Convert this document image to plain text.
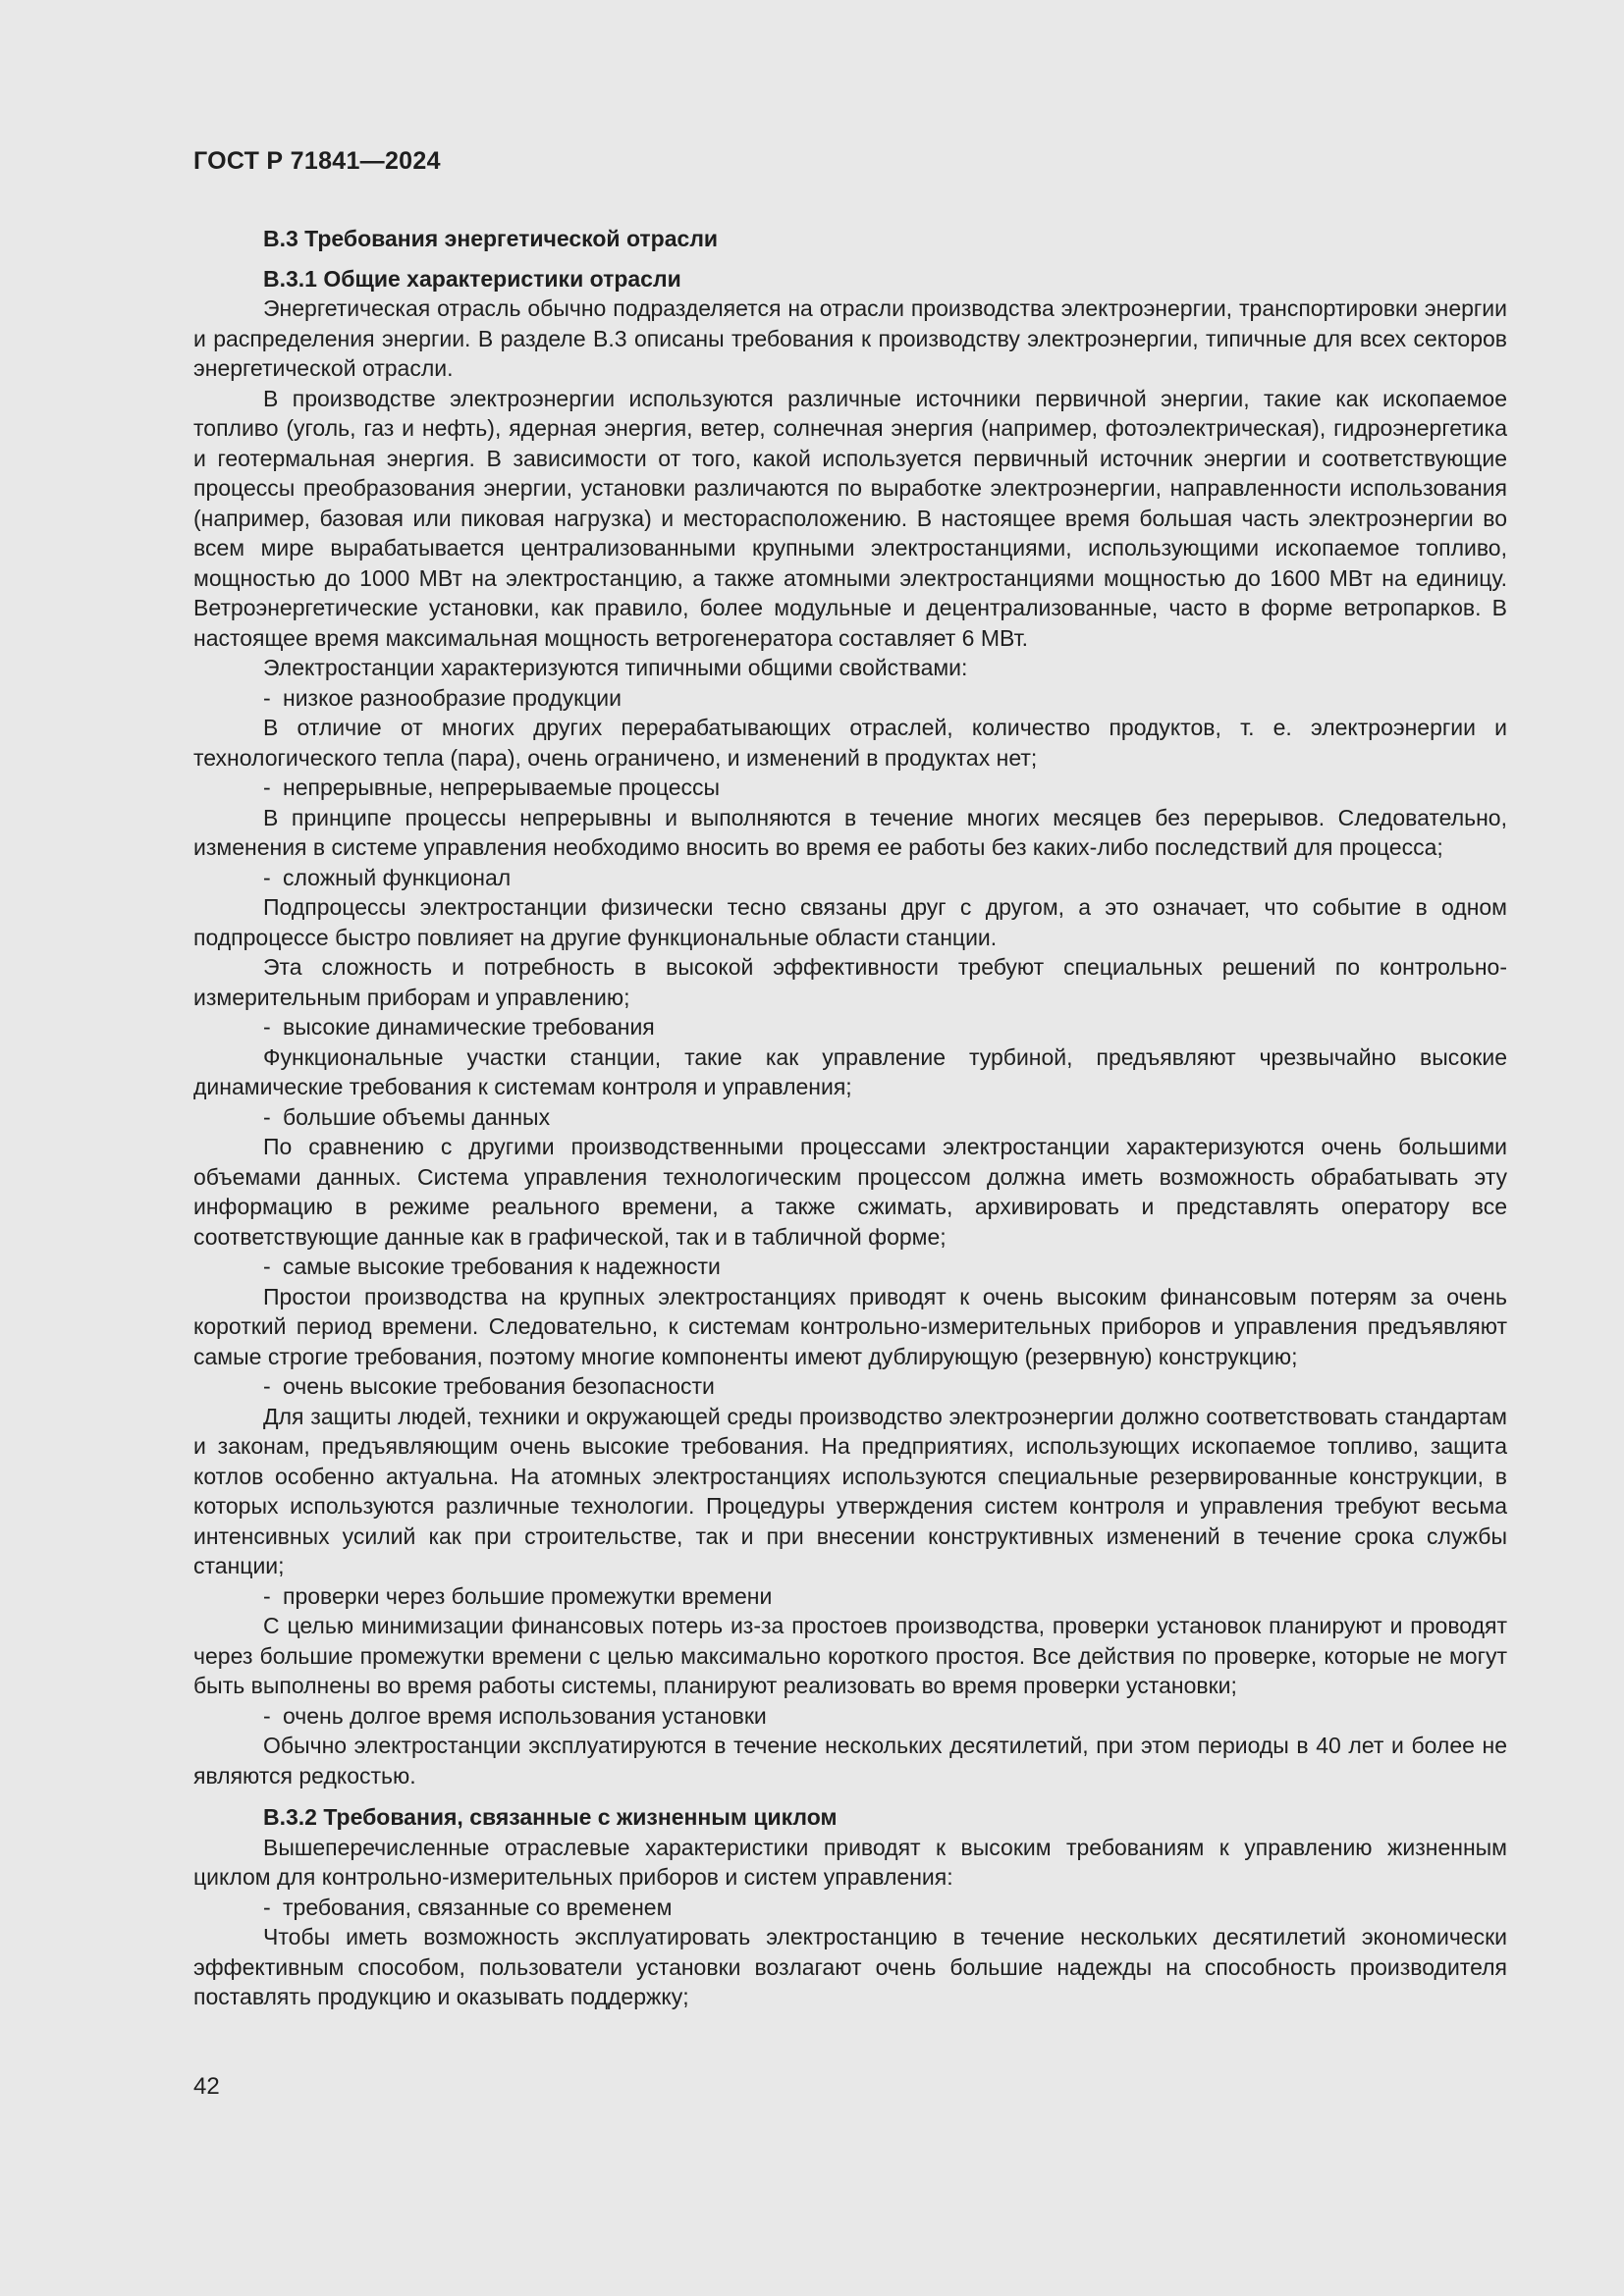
ГОСТ Р 71841—2024

В.3 Требования энергетической отрасли

В.3.1 Общие характеристики отрасли

Энергетическая отрасль обычно подразделяется на отрасли производства электроэнергии, транспортировки энергии и распределения энергии. В разделе В.3 описаны требования к производству электроэнергии, типичные для всех секторов энергетической отрасли.

В производстве электроэнергии используются различные источники первичной энергии, такие как ископаемое топливо (уголь, газ и нефть), ядерная энергия, ветер, солнечная энергия (например, фотоэлектрическая), гидроэнергетика и геотермальная энергия. В зависимости от того, какой используется первичный источник энергии и соответствующие процессы преобразования энергии, установки различаются по выработке электроэнергии, направленности использования (например, базовая или пиковая нагрузка) и месторасположению. В настоящее время большая часть электроэнергии во всем мире вырабатывается централизованными крупными электростанциями, использующими ископаемое топливо, мощностью до 1000 МВт на электростанцию, а также атомными электростанциями мощностью до 1600 МВт на единицу. Ветроэнергетические установки, как правило, более модульные и децентрализованные, часто в форме ветропарков. В настоящее время максимальная мощность ветрогенератора составляет 6 МВт.

Электростанции характеризуются типичными общими свойствами:

- низкое разнообразие продукции

В отличие от многих других перерабатывающих отраслей, количество продуктов, т. е. электроэнергии и технологического тепла (пара), очень ограничено, и изменений в продуктах нет;

- непрерывные, непрерываемые процессы

В принципе процессы непрерывны и выполняются в течение многих месяцев без перерывов. Следовательно, изменения в системе управления необходимо вносить во время ее работы без каких-либо последствий для процесса;

- сложный функционал

Подпроцессы электростанции физически тесно связаны друг с другом, а это означает, что событие в одном подпроцессе быстро повлияет на другие функциональные области станции.

Эта сложность и потребность в высокой эффективности требуют специальных решений по контрольно-измерительным приборам и управлению;

- высокие динамические требования

Функциональные участки станции, такие как управление турбиной, предъявляют чрезвычайно высокие динамические требования к системам контроля и управления;

- большие объемы данных

По сравнению с другими производственными процессами электростанции характеризуются очень большими объемами данных. Система управления технологическим процессом должна иметь возможность обрабатывать эту информацию в режиме реального времени, а также сжимать, архивировать и представлять оператору все соответствующие данные как в графической, так и в табличной форме;

- самые высокие требования к надежности

Простои производства на крупных электростанциях приводят к очень высоким финансовым потерям за очень короткий период времени. Следовательно, к системам контрольно-измерительных приборов и управления предъявляют самые строгие требования, поэтому многие компоненты имеют дублирующую (резервную) конструкцию;

- очень высокие требования безопасности

Для защиты людей, техники и окружающей среды производство электроэнергии должно соответствовать стандартам и законам, предъявляющим очень высокие требования. На предприятиях, использующих ископаемое топливо, защита котлов особенно актуальна. На атомных электростанциях используются специальные резервированные конструкции, в которых используются различные технологии. Процедуры утверждения систем контроля и управления требуют весьма интенсивных усилий как при строительстве, так и при внесении конструктивных изменений в течение срока службы станции;

- проверки через большие промежутки времени

С целью минимизации финансовых потерь из-за простоев производства, проверки установок планируют и проводят через большие промежутки времени с целью максимально короткого простоя. Все действия по проверке, которые не могут быть выполнены во время работы системы, планируют реализовать во время проверки установки;

- очень долгое время использования установки

Обычно электростанции эксплуатируются в течение нескольких десятилетий, при этом периоды в 40 лет и более не являются редкостью.

В.3.2 Требования, связанные с жизненным циклом

Вышеперечисленные отраслевые характеристики приводят к высоким требованиям к управлению жизненным циклом для контрольно-измерительных приборов и систем управления:

- требования, связанные со временем

Чтобы иметь возможность эксплуатировать электростанцию в течение нескольких десятилетий экономически эффективным способом, пользователи установки возлагают очень большие надежды на способность производителя поставлять продукцию и оказывать поддержку;

42
